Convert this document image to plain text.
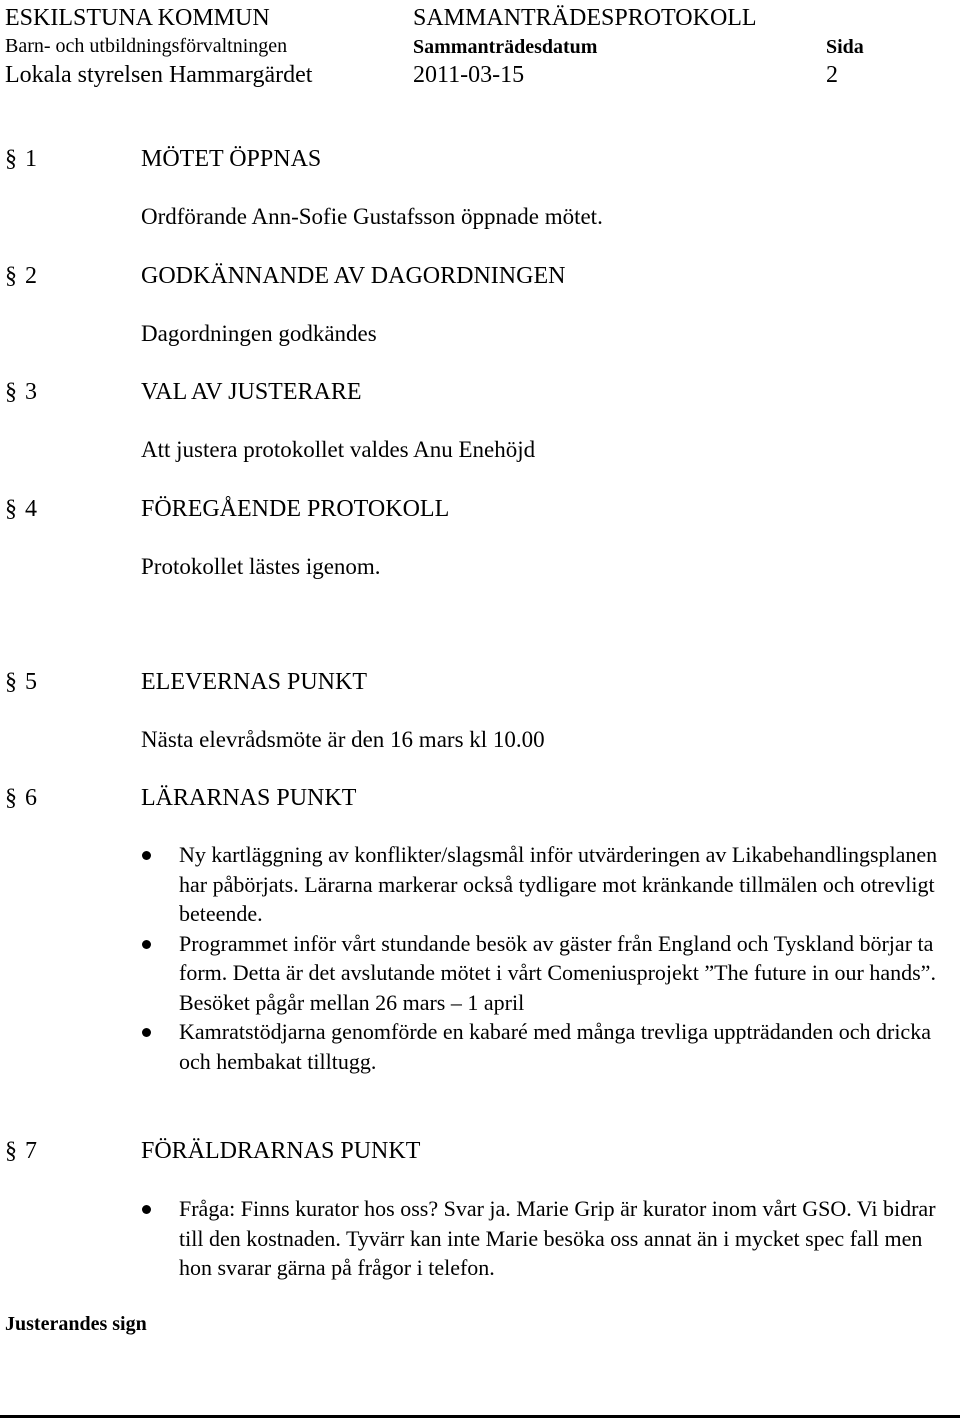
ESKILSTUNA KOMMUN	SAMMANTRÄDESPROTOKOLL
Barn- och utbildningsförvaltningen	Sammanträdesdatum	Sida
Lokala styrelsen Hammargärdet	2011-03-15	2
§ 1	MÖTET ÖPPNAS
Ordförande Ann-Sofie Gustafsson öppnade mötet.
§ 2	GODKÄNNANDE AV DAGORDNINGEN
Dagordningen godkändes
§ 3	VAL AV JUSTERARE
Att justera protokollet valdes Anu Enehöjd
§ 4	FÖREGÅENDE PROTOKOLL
Protokollet lästes igenom.
§ 5	ELEVERNAS PUNKT
Nästa elevrådsmöte är den 16 mars kl 10.00
§ 6	LÄRARNAS PUNKT
Ny kartläggning av konflikter/slagsmål inför utvärderingen av Likabehandlingsplanen har påbörjats. Lärarna markerar också tydligare mot kränkande tillmälen och otrevligt beteende.
Programmet inför vårt stundande besök av gäster från England och Tyskland börjar ta form. Detta är det avslutande mötet i vårt Comeniusprojekt ”The future in our hands”. Besöket pågår mellan 26 mars – 1 april
Kamratstödjarna genomförde en kabaré med många trevliga uppträdanden och dricka och hembakat tilltugg.
§ 7	FÖRÄLDRARNAS PUNKT
Fråga: Finns kurator hos oss? Svar ja. Marie Grip är kurator inom vårt GSO. Vi bidrar till den kostnaden. Tyvärr kan inte Marie besöka oss annat än i mycket spec fall men hon svarar gärna på frågor i telefon.
Justerandes sign
